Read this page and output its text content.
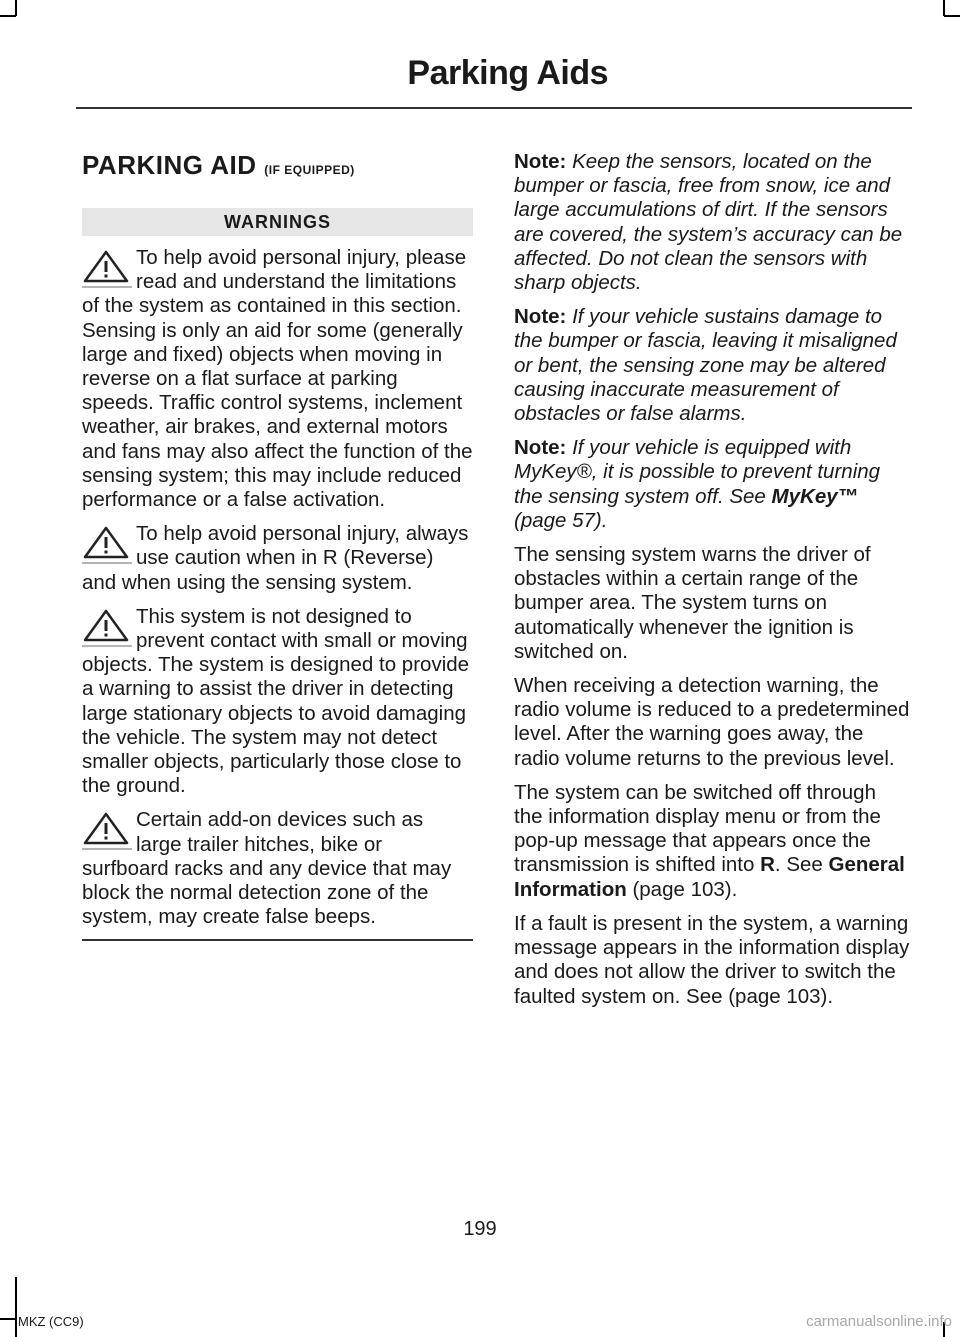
Parking Aids
PARKING AID (IF EQUIPPED)
WARNINGS
To help avoid personal injury, please read and understand the limitations of the system as contained in this section. Sensing is only an aid for some (generally large and fixed) objects when moving in reverse on a flat surface at parking speeds. Traffic control systems, inclement weather, air brakes, and external motors and fans may also affect the function of the sensing system; this may include reduced performance or a false activation.
To help avoid personal injury, always use caution when in R (Reverse) and when using the sensing system.
This system is not designed to prevent contact with small or moving objects. The system is designed to provide a warning to assist the driver in detecting large stationary objects to avoid damaging the vehicle. The system may not detect smaller objects, particularly those close to the ground.
Certain add-on devices such as large trailer hitches, bike or surfboard racks and any device that may block the normal detection zone of the system, may create false beeps.

Note: Keep the sensors, located on the bumper or fascia, free from snow, ice and large accumulations of dirt. If the sensors are covered, the system’s accuracy can be affected. Do not clean the sensors with sharp objects.

Note: If your vehicle sustains damage to the bumper or fascia, leaving it misaligned or bent, the sensing zone may be altered causing inaccurate measurement of obstacles or false alarms.

Note: If your vehicle is equipped with MyKey®, it is possible to prevent turning the sensing system off. See MyKey™ (page 57).

The sensing system warns the driver of obstacles within a certain range of the bumper area. The system turns on automatically whenever the ignition is switched on.

When receiving a detection warning, the radio volume is reduced to a predetermined level. After the warning goes away, the radio volume returns to the previous level.

The system can be switched off through the information display menu or from the pop-up message that appears once the transmission is shifted into R. See General Information (page 103).

If a fault is present in the system, a warning message appears in the information display and does not allow the driver to switch the faulted system on. See (page 103).

199
MKZ (CC9)	carmanualsonline.info
